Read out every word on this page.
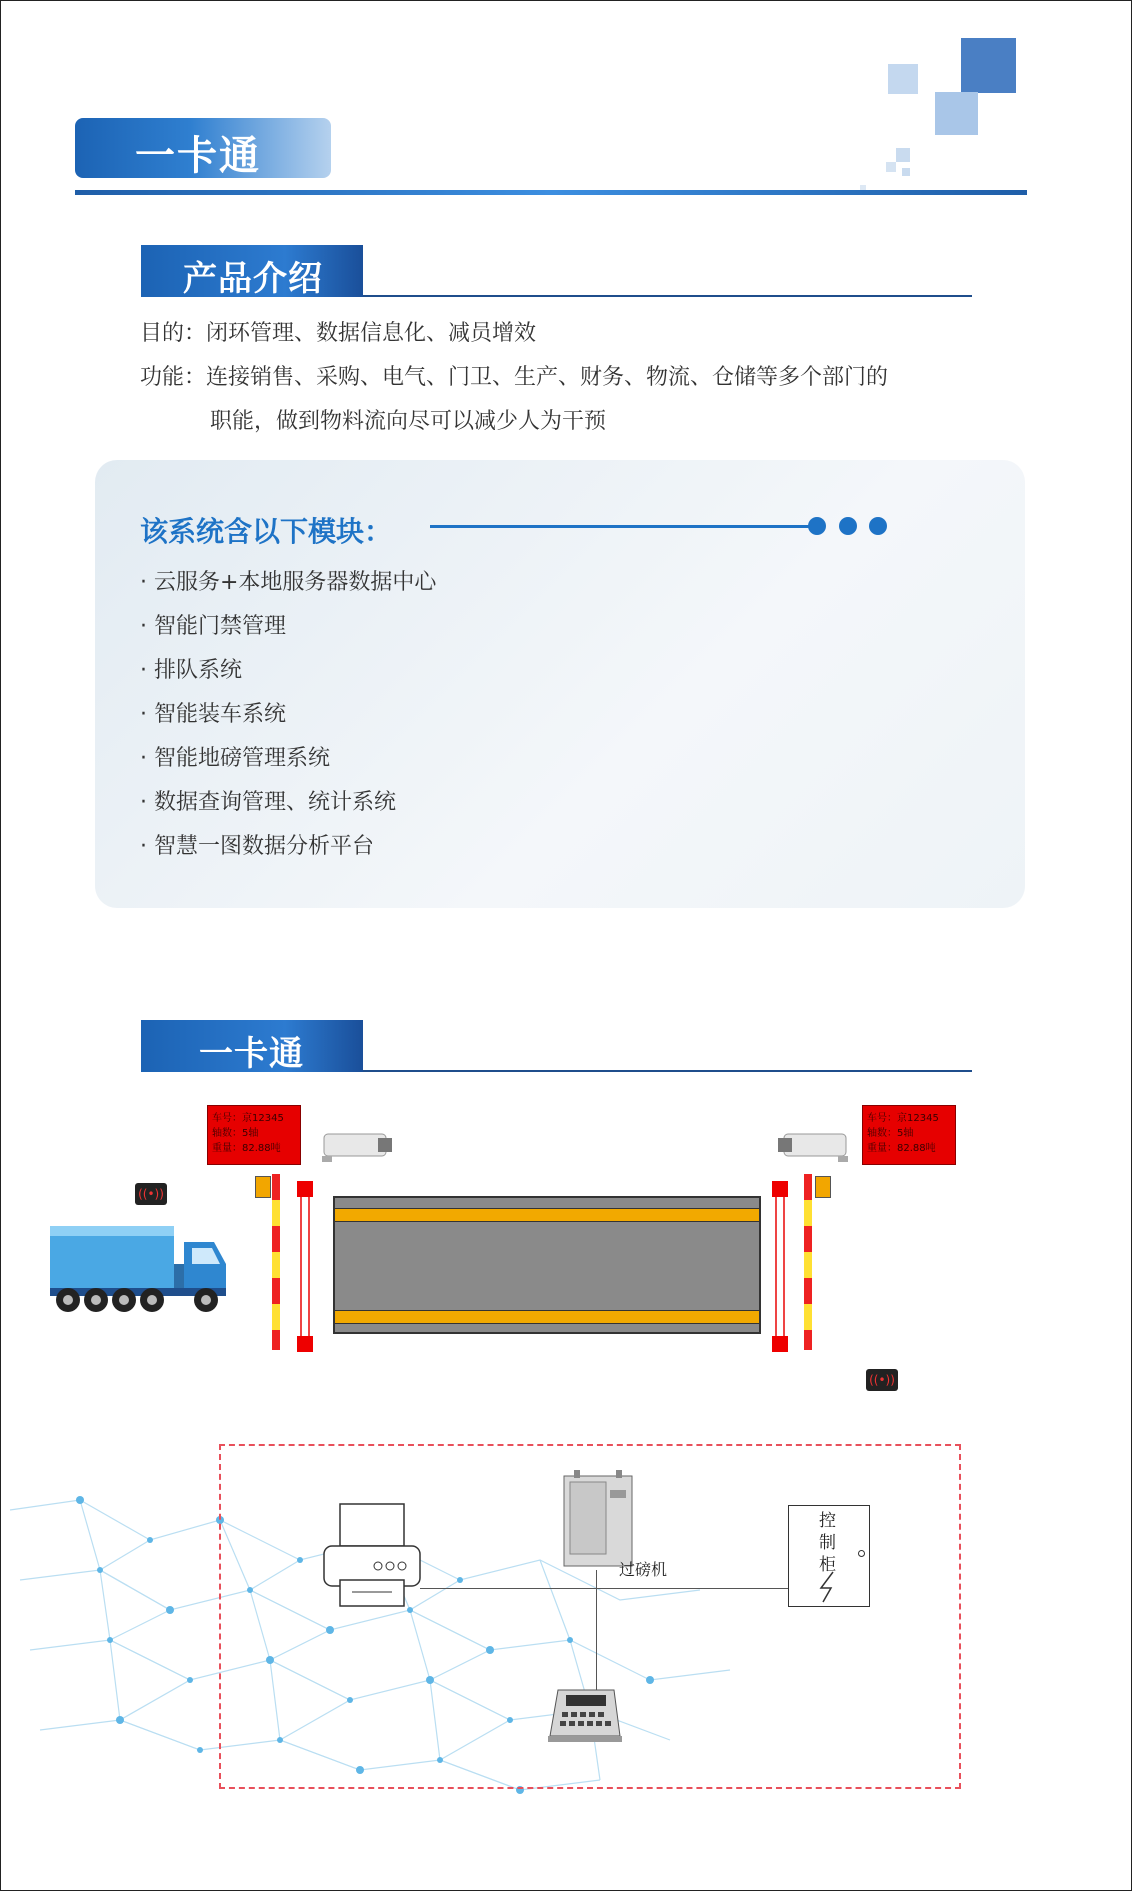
一卡通
产品介绍
目的：闭环管理、数据信息化、减员增效
功能：连接销售、采购、电气、门卫、生产、财务、物流、仓储等多个部门的
职能，做到物料流向尽可以减少人为干预
该系统含以下模块：
· 云服务+本地服务器数据中心
· 智能门禁管理
· 排队系统
· 智能装车系统
· 智能地磅管理系统
· 数据查询管理、统计系统
· 智慧一图数据分析平台
一卡通
((•))
((•))
车号：京12345
轴数：5轴
重量：82.88吨
车号：京12345
轴数：5轴
重量：82.88吨
过磅机
控
制
柜
